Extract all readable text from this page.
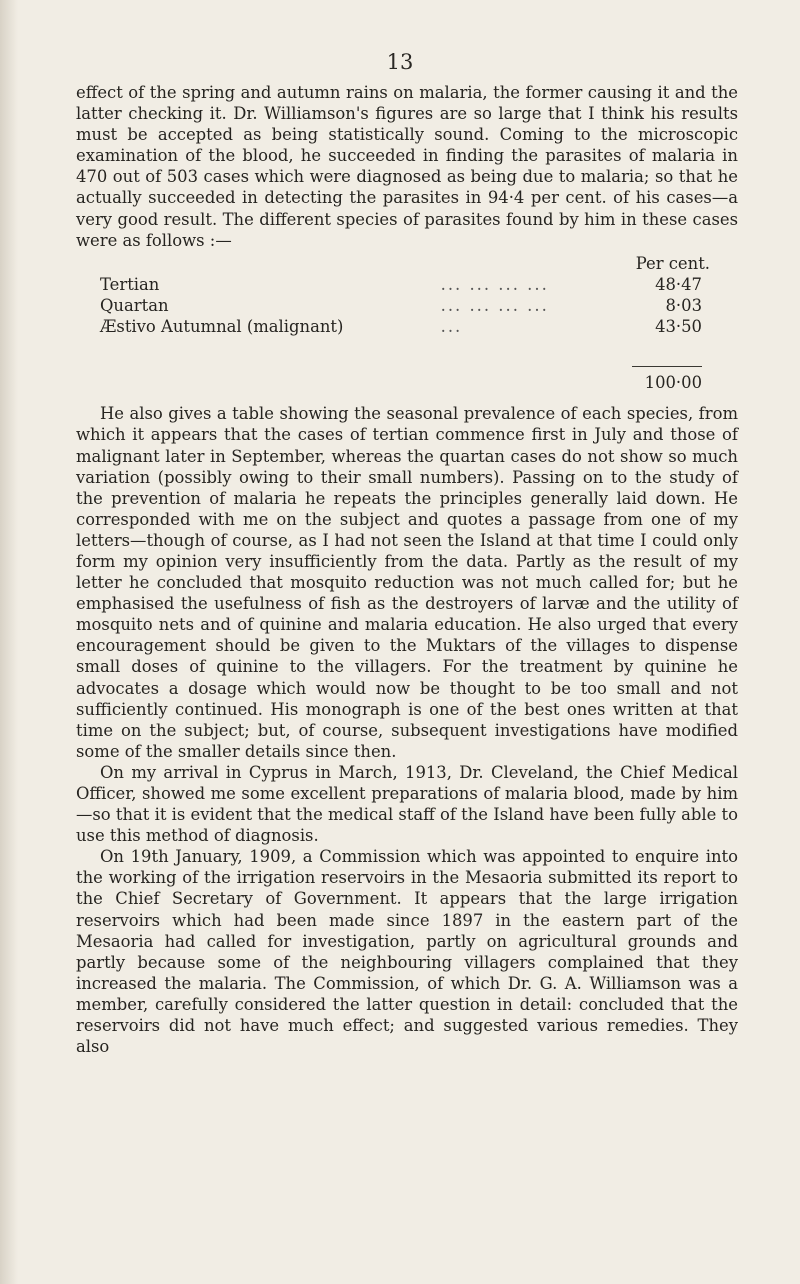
13

effect of the spring and autumn rains on malaria, the former causing it and the latter checking it. Dr. Williamson's figures are so large that I think his results must be accepted as being statistically sound. Coming to the microscopic examination of the blood, he succeeded in finding the parasites of malaria in 470 out of 503 cases which were diagnosed as being due to malaria; so that he actually succeeded in detecting the parasites in 94·4 per cent. of his cases—a very good result. The different species of parasites found by him in these cases were as follows :—

		Per cent.
Tertian	... ... ... ...	48·47
Quartan	... ... ... ...	8·03
Æstivo Autumnal (malignant)	...	43·50

		100·00

He also gives a table showing the seasonal prevalence of each species, from which it appears that the cases of tertian commence first in July and those of malignant later in September, whereas the quartan cases do not show so much variation (possibly owing to their small numbers). Passing on to the study of the prevention of malaria he repeats the principles generally laid down. He corresponded with me on the subject and quotes a passage from one of my letters—though of course, as I had not seen the Island at that time I could only form my opinion very insufficiently from the data. Partly as the result of my letter he concluded that mosquito reduction was not much called for; but he emphasised the usefulness of fish as the destroyers of larvæ and the utility of mosquito nets and of quinine and malaria education. He also urged that every encouragement should be given to the Muktars of the villages to dispense small doses of quinine to the villagers. For the treatment by quinine he advocates a dosage which would now be thought to be too small and not sufficiently continued. His monograph is one of the best ones written at that time on the subject; but, of course, subsequent investigations have modified some of the smaller details since then.

On my arrival in Cyprus in March, 1913, Dr. Cleveland, the Chief Medical Officer, showed me some excellent preparations of malaria blood, made by him—so that it is evident that the medical staff of the Island have been fully able to use this method of diagnosis.

On 19th January, 1909, a Commission which was appointed to enquire into the working of the irrigation reservoirs in the Mesaoria submitted its report to the Chief Secretary of Government. It appears that the large irrigation reservoirs which had been made since 1897 in the eastern part of the Mesaoria had called for investigation, partly on agricultural grounds and partly because some of the neighbouring villagers complained that they increased the malaria. The Commission, of which Dr. G. A. Williamson was a member, carefully considered the latter question in detail: concluded that the reservoirs did not have much effect; and suggested various remedies. They also
